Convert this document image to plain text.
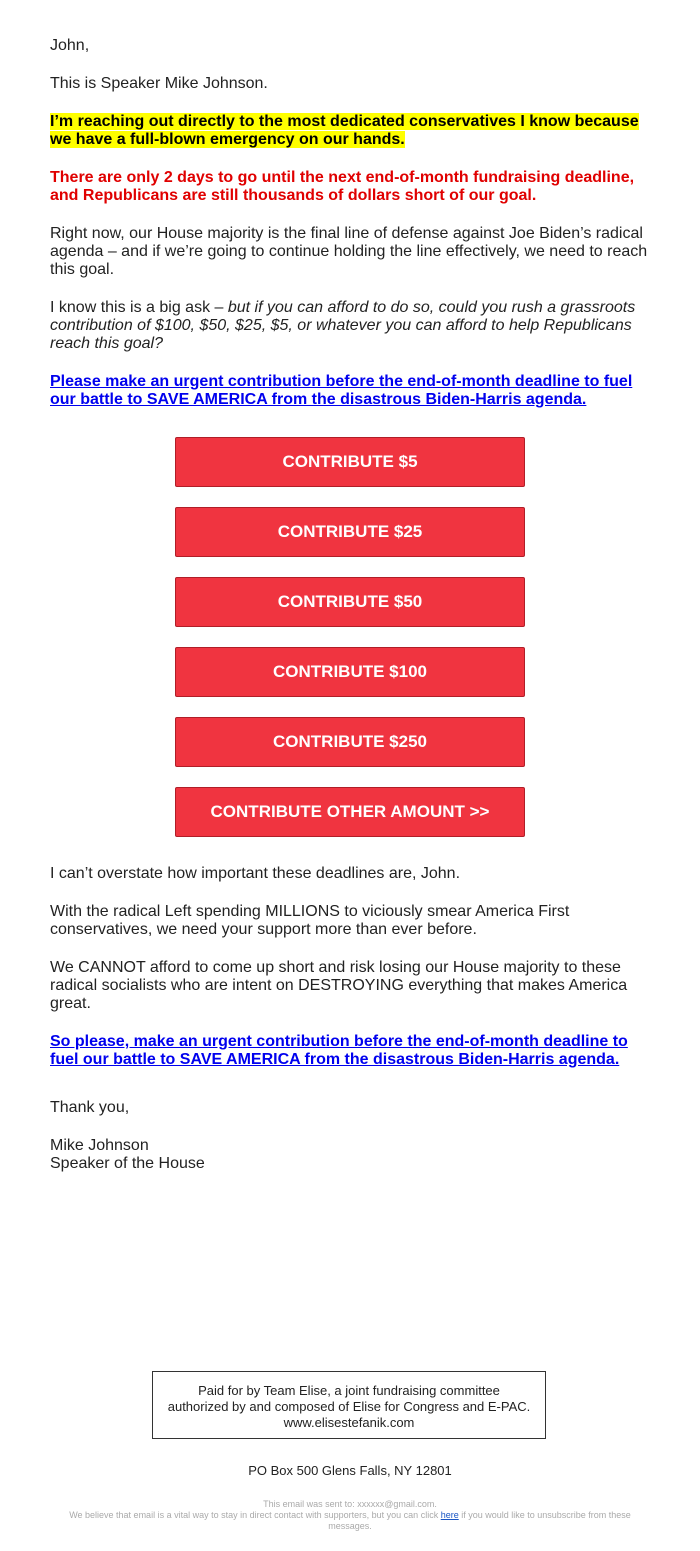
John,

This is Speaker Mike Johnson.

I’m reaching out directly to the most dedicated conservatives I know because we have a full-blown emergency on our hands.

There are only 2 days to go until the next end-of-month fundraising deadline, and Republicans are still thousands of dollars short of our goal.

Right now, our House majority is the final line of defense against Joe Biden’s radical agenda – and if we’re going to continue holding the line effectively, we need to reach this goal.

I know this is a big ask – but if you can afford to do so, could you rush a grassroots contribution of $100, $50, $25, $5, or whatever you can afford to help Republicans reach this goal?

Please make an urgent contribution before the end-of-month deadline to fuel our battle to SAVE AMERICA from the disastrous Biden-Harris agenda.

CONTRIBUTE $5
CONTRIBUTE $25
CONTRIBUTE $50
CONTRIBUTE $100
CONTRIBUTE $250
CONTRIBUTE OTHER AMOUNT >>

I can’t overstate how important these deadlines are, John.

With the radical Left spending MILLIONS to viciously smear America First conservatives, we need your support more than ever before.

We CANNOT afford to come up short and risk losing our House majority to these radical socialists who are intent on DESTROYING everything that makes America great.

So please, make an urgent contribution before the end-of-month deadline to fuel our battle to SAVE AMERICA from the disastrous Biden-Harris agenda.

Thank you,

Mike Johnson
Speaker of the House

Paid for by Team Elise, a joint fundraising committee authorized by and composed of Elise for Congress and E-PAC. www.elisestefanik.com
PO Box 500 Glens Falls, NY 12801
This email was sent to: xxxxxx@gmail.com.
We believe that email is a vital way to stay in direct contact with supporters, but you can click here if you would like to unsubscribe from these messages.
